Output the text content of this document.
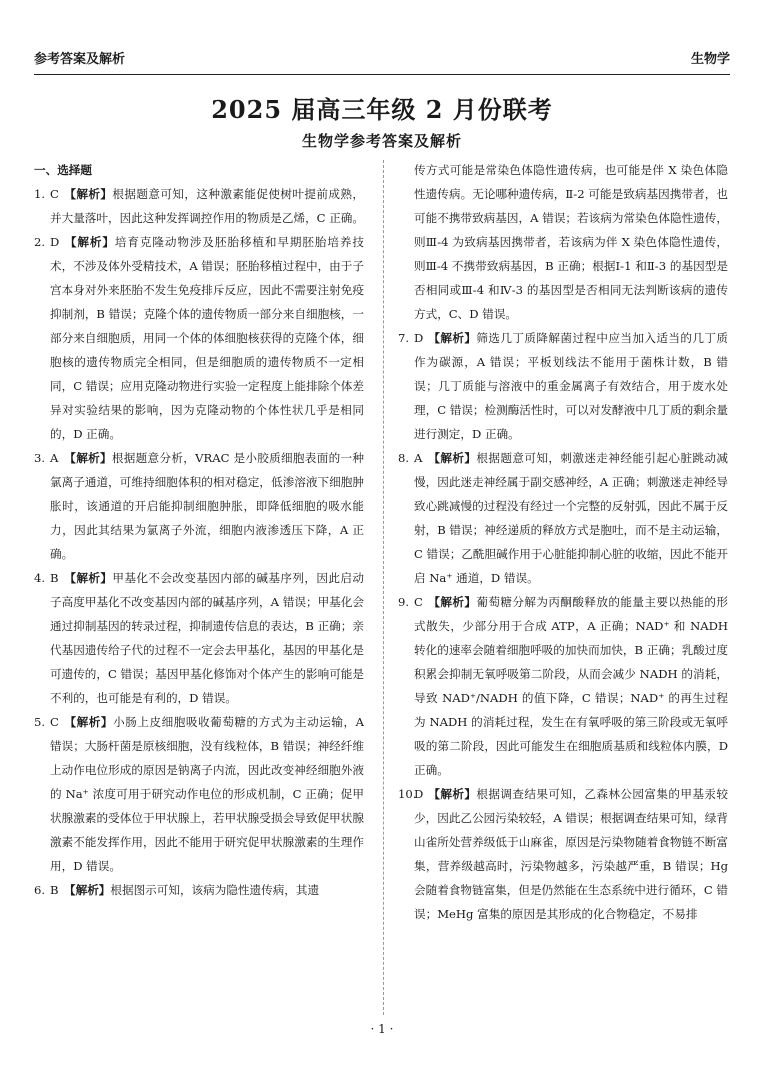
参考答案及解析	生物学
2025 届高三年级 2 月份联考
生物学参考答案及解析
一、选择题
1. C 【解析】根据题意可知，这种激素能促使树叶提前成熟，并大量落叶，因此这种发挥调控作用的物质是乙烯，C 正确。
2. D 【解析】培育克隆动物涉及胚胎移植和早期胚胎培养技术，不涉及体外受精技术，A 错误；胚胎移植过程中，由于子宫本身对外来胚胎不发生免疫排斥反应，因此不需要注射免疫抑制剂，B 错误；克隆个体的遗传物质一部分来自细胞核，一部分来自细胞质，用同一个体的体细胞核获得的克隆个体，细胞核的遗传物质完全相同，但是细胞质的遗传物质不一定相同，C 错误；应用克隆动物进行实验一定程度上能排除个体差异对实验结果的影响，因为克隆动物的个体性状几乎是相同的，D 正确。
3. A 【解析】根据题意分析，VRAC 是小胶质细胞表面的一种氯离子通道，可维持细胞体积的相对稳定，低渗溶液下细胞肿胀时，该通道的开启能抑制细胞肿胀，即降低细胞的吸水能力，因此其结果为氯离子外流，细胞内液渗透压下降，A 正确。
4. B 【解析】甲基化不会改变基因内部的碱基序列，因此启动子高度甲基化不改变基因内部的碱基序列，A 错误；甲基化会通过抑制基因的转录过程，抑制遗传信息的表达，B 正确；亲代基因遗传给子代的过程不一定会去甲基化，基因的甲基化是可遗传的，C 错误；基因甲基化修饰对个体产生的影响可能是不利的，也可能是有利的，D 错误。
5. C 【解析】小肠上皮细胞吸收葡萄糖的方式为主动运输，A 错误；大肠杆菌是原核细胞，没有线粒体，B 错误；神经纤维上动作电位形成的原因是钠离子内流，因此改变神经细胞外液的 Na⁺ 浓度可用于研究动作电位的形成机制，C 正确；促甲状腺激素的受体位于甲状腺上，若甲状腺受损会导致促甲状腺激素不能发挥作用，因此不能用于研究促甲状腺激素的生理作用，D 错误。
6. B 【解析】根据图示可知，该病为隐性遗传病，其遗
传方式可能是常染色体隐性遗传病，也可能是伴 X 染色体隐性遗传病。无论哪种遗传病，Ⅱ-2 可能是致病基因携带者，也可能不携带致病基因，A 错误；若该病为常染色体隐性遗传，则Ⅲ-4 为致病基因携带者，若该病为伴 X 染色体隐性遗传，则Ⅲ-4 不携带致病基因，B 正确；根据Ⅰ-1 和Ⅱ-3 的基因型是否相同或Ⅲ-4 和Ⅳ-3 的基因型是否相同无法判断该病的遗传方式，C、D 错误。
7. D 【解析】筛选几丁质降解菌过程中应当加入适当的几丁质作为碳源，A 错误；平板划线法不能用于菌株计数，B 错误；几丁质能与溶液中的重金属离子有效结合，用于废水处理，C 错误；检测酶活性时，可以对发酵液中几丁质的剩余量进行测定，D 正确。
8. A 【解析】根据题意可知，刺激迷走神经能引起心脏跳动减慢，因此迷走神经属于副交感神经，A 正确；刺激迷走神经导致心跳减慢的过程没有经过一个完整的反射弧，因此不属于反射，B 错误；神经递质的释放方式是胞吐，而不是主动运输，C 错误；乙酰胆碱作用于心脏能抑制心脏的收缩，因此不能开启 Na⁺ 通道，D 错误。
9. C 【解析】葡萄糖分解为丙酮酸释放的能量主要以热能的形式散失，少部分用于合成 ATP，A 正确；NAD⁺ 和 NADH 转化的速率会随着细胞呼吸的加快而加快，B 正确；乳酸过度积累会抑制无氧呼吸第二阶段，从而会减少 NADH 的消耗，导致 NAD⁺/NADH 的值下降，C 错误；NAD⁺ 的再生过程为 NADH 的消耗过程，发生在有氧呼吸的第三阶段或无氧呼吸的第二阶段，因此可能发生在细胞质基质和线粒体内膜，D 正确。
10.D 【解析】根据调查结果可知，乙森林公园富集的甲基汞较少，因此乙公园污染较轻，A 错误；根据调查结果可知，绿背山雀所处营养级低于山麻雀，原因是污染物随着食物链不断富集，营养级越高时，污染物越多，污染越严重，B 错误；Hg 会随着食物链富集，但是仍然能在生态系统中进行循环，C 错误；MeHg 富集的原因是其形成的化合物稳定，不易排
· 1 ·
